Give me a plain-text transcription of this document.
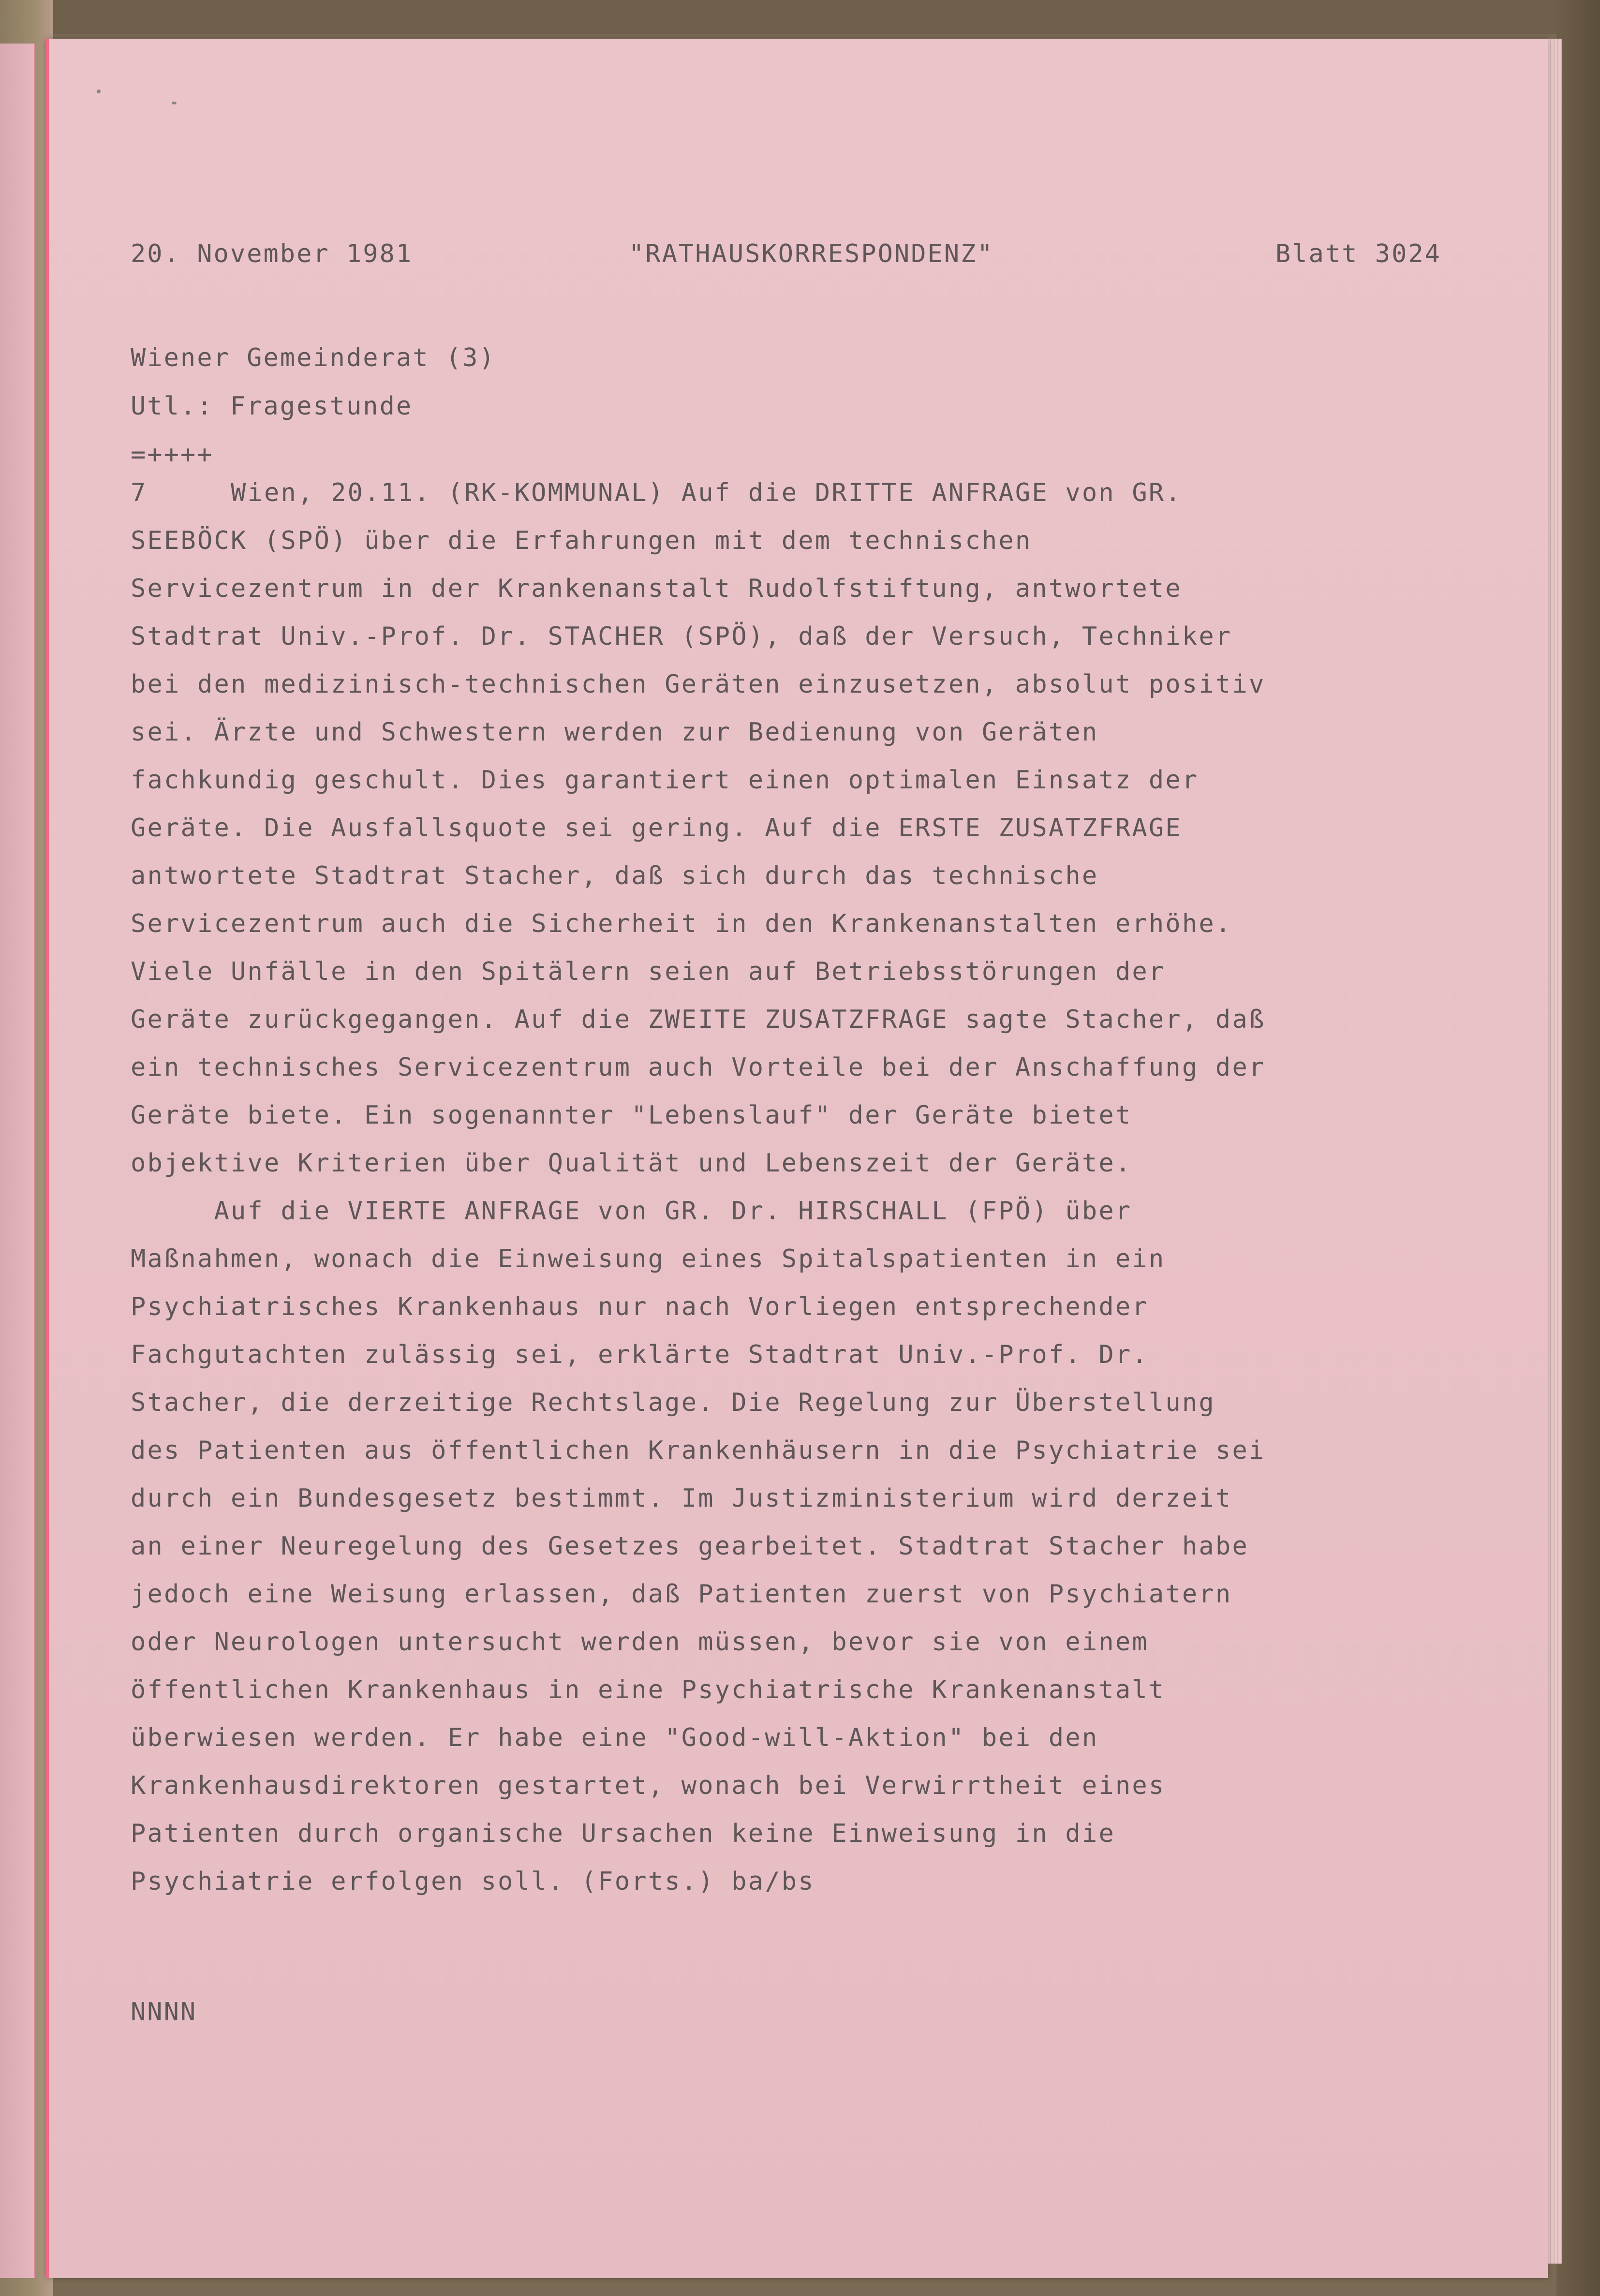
20. November 1981	"RATHAUSKORRESPONDENZ"	Blatt 3024
Wiener Gemeinderat (3)
Utl.: Fragestunde
=++++
7     Wien, 20.11. (RK-KOMMUNAL) Auf die DRITTE ANFRAGE von GR.
SEEBÖCK (SPÖ) über die Erfahrungen mit dem technischen
Servicezentrum in der Krankenanstalt Rudolfstiftung, antwortete
Stadtrat Univ.-Prof. Dr. STACHER (SPÖ), daß der Versuch, Techniker
bei den medizinisch-technischen Geräten einzusetzen, absolut positiv
sei. Ärzte und Schwestern werden zur Bedienung von Geräten
fachkundig geschult. Dies garantiert einen optimalen Einsatz der
Geräte. Die Ausfallsquote sei gering. Auf die ERSTE ZUSATZFRAGE
antwortete Stadtrat Stacher, daß sich durch das technische
Servicezentrum auch die Sicherheit in den Krankenanstalten erhöhe.
Viele Unfälle in den Spitälern seien auf Betriebsstörungen der
Geräte zurückgegangen. Auf die ZWEITE ZUSATZFRAGE sagte Stacher, daß
ein technisches Servicezentrum auch Vorteile bei der Anschaffung der
Geräte biete. Ein sogenannter "Lebenslauf" der Geräte bietet
objektive Kriterien über Qualität und Lebenszeit der Geräte.
Auf die VIERTE ANFRAGE von GR. Dr. HIRSCHALL (FPÖ) über
Maßnahmen, wonach die Einweisung eines Spitalspatienten in ein
Psychiatrisches Krankenhaus nur nach Vorliegen entsprechender
Fachgutachten zulässig sei, erklärte Stadtrat Univ.-Prof. Dr.
Stacher, die derzeitige Rechtslage. Die Regelung zur Überstellung
des Patienten aus öffentlichen Krankenhäusern in die Psychiatrie sei
durch ein Bundesgesetz bestimmt. Im Justizministerium wird derzeit
an einer Neuregelung des Gesetzes gearbeitet. Stadtrat Stacher habe
jedoch eine Weisung erlassen, daß Patienten zuerst von Psychiatern
oder Neurologen untersucht werden müssen, bevor sie von einem
öffentlichen Krankenhaus in eine Psychiatrische Krankenanstalt
überwiesen werden. Er habe eine "Good-will-Aktion" bei den
Krankenhausdirektoren gestartet, wonach bei Verwirrtheit eines
Patienten durch organische Ursachen keine Einweisung in die
Psychiatrie erfolgen soll. (Forts.) ba/bs
NNNN
